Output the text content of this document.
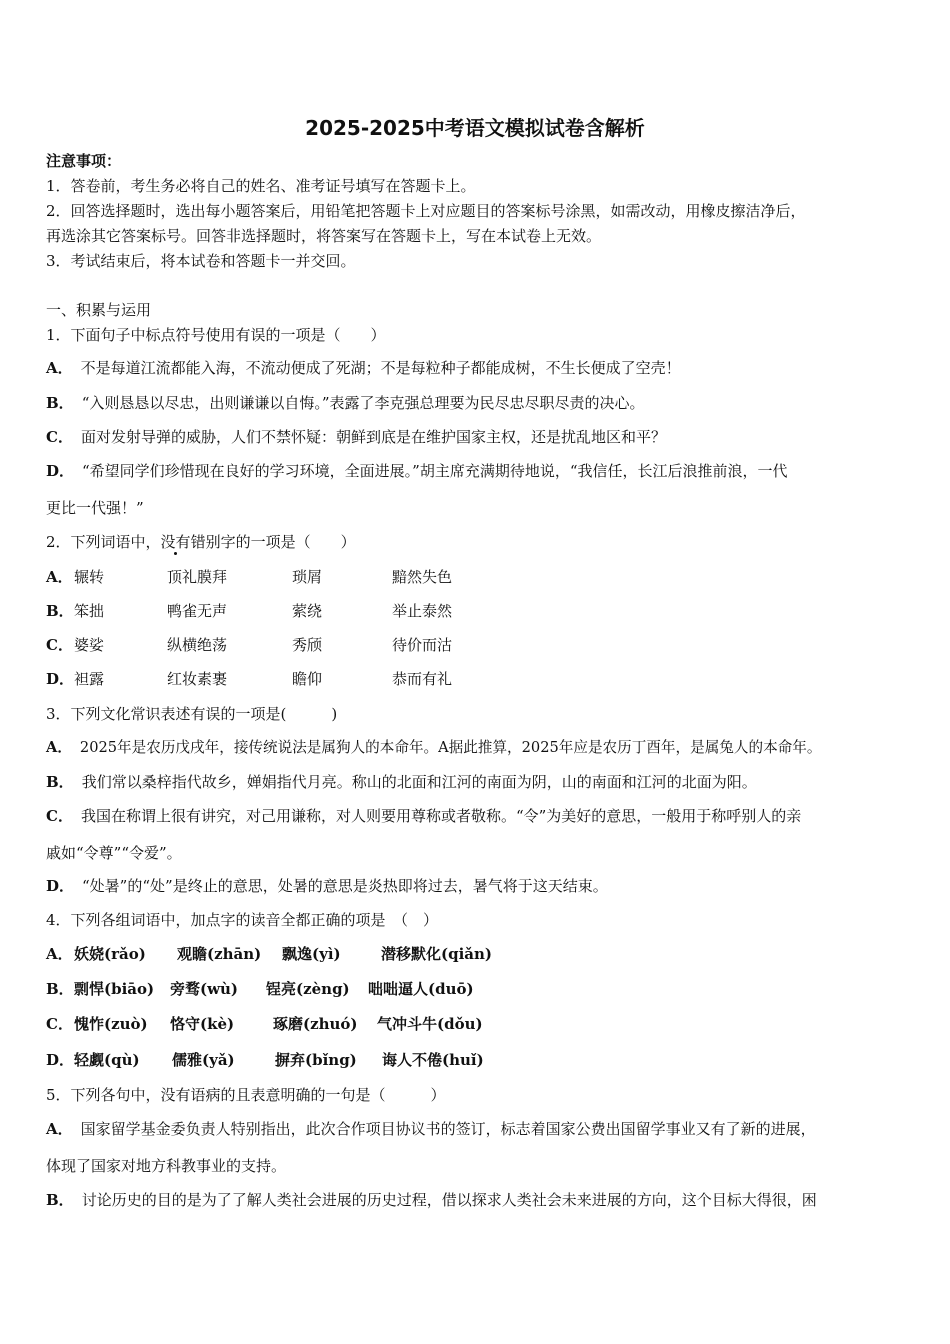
2025-2025中考语文模拟试卷含解析
注意事项：
1．答卷前，考生务必将自己的姓名、准考证号填写在答题卡上。
2．回答选择题时，选出每小题答案后，用铅笔把答题卡上对应题目的答案标号涂黑，如需改动，用橡皮擦洁净后，
再选涂其它答案标号。回答非选择题时，将答案写在答题卡上，写在本试卷上无效。
3．考试结束后，将本试卷和答题卡一并交回。
一、积累与运用
1．下面句子中标点符号使用有误的一项是（　　）
A． 不是每道江流都能入海，不流动便成了死湖；不是每粒种子都能成树，不生长便成了空壳！
B． “入则恳恳以尽忠，出则谦谦以自悔。”表露了李克强总理要为民尽忠尽职尽责的决心。
C． 面对发射导弹的威胁，人们不禁怀疑：朝鲜到底是在维护国家主权，还是扰乱地区和平？
D． “希望同学们珍惜现在良好的学习环境，全面进展。”胡主席充满期待地说，“我信任，长江后浪推前浪，一代
更比一代强！”
2．下列词语中，没有错别字的一项是（　　）
A． 辗转	顶礼膜拜	琐屑	黯然失色
B． 笨拙	鸭雀无声	萦绕	举止泰然
C． 婆娑	纵横绝荡	秀颀	待价而沽
D． 袒露	红妆素裹	瞻仰	恭而有礼
3．下列文化常识表述有误的一项是(　　　)
A． 2025年是农历戊戌年，接传统说法是属狗人的本命年。A据此推算，2025年应是农历丁酉年，是属兔人的本命年。
B． 我们常以桑梓指代故乡，婵娟指代月亮。称山的北面和江河的南面为阴，山的南面和江河的北面为阳。
C． 我国在称谓上很有讲究，对己用谦称，对人则要用尊称或者敬称。“令”为美好的意思，一般用于称呼别人的亲
戚如“令尊”“令爱”。
D． “处暑”的“处”是终止的意思，处暑的意思是炎热即将过去，暑气将于这天结束。
4．下列各组词语中，加点字的读音全都正确的项是　（　）
A． 妖娆(rǎo) 观瞻(zhān) 飘逸(yì)	潜移默化(qiǎn)
B． 剽悍(biāo) 旁骛(wù) 锃亮(zèng) 咄咄逼人(duō)
C． 愧怍(zuò) 恪守(kè)	琢磨(zhuó) 气冲斗牛(dǒu)
D． 轻觑(qù) 儒雅(yǎ)	摒弃(bǐng) 诲人不倦(huǐ)
5．下列各句中，没有语病的且表意明确的一句是（　　　）
A． 国家留学基金委负责人特别指出，此次合作项目协议书的签订，标志着国家公费出国留学事业又有了新的进展，
体现了国家对地方科教事业的支持。
B． 讨论历史的目的是为了了解人类社会进展的历史过程，借以探求人类社会未来进展的方向，这个目标大得很，困
